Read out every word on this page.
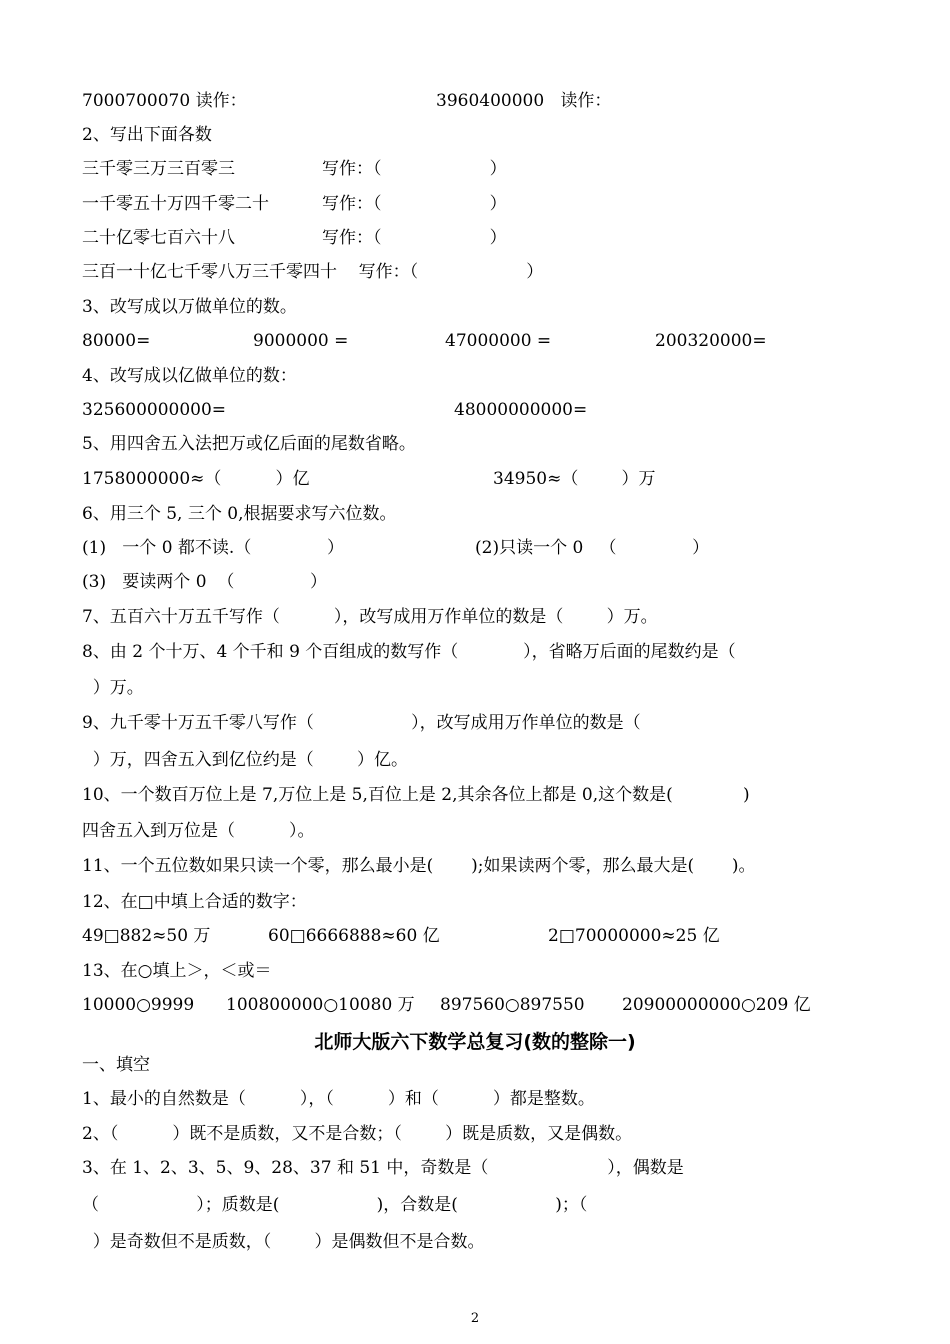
7000700070 读作：	3960400000   读作：
2、写出下面各数
三千零三万三百零三	写作：（                    ）
一千零五十万四千零二十	写作：（                    ）
二十亿零七百六十八	写作：（                    ）
三百一十亿七千零八万三千零四十    写作：（                    ）
3、改写成以万做单位的数。
80000=	9000000 =	47000000 =	200320000=
4、改写成以亿做单位的数：
325600000000=	48000000000=
5、用四舍五入法把万或亿后面的尾数省略。
1758000000≈（          ）亿	34950≈（        ）万
6、用三个 5, 三个 0,根据要求写六位数。
(1)   一个 0 都不读.（              ）	(2)只读一个 0   （              ）
(3)   要读两个 0  （              ）
7、五百六十万五千写作（          ），改写成用万作单位的数是（        ）万。
8、由 2 个十万、4 个千和 9 个百组成的数写作（            ），省略万后面的尾数约是（
）万。
9、九千零十万五千零八写作（                  ），改写成用万作单位的数是（
）万，四舍五入到亿位约是（        ）亿。
10、一个数百万位上是 7,万位上是 5,百位上是 2,其余各位上都是 0,这个数是(             )
四舍五入到万位是（          ）。
11、一个五位数如果只读一个零，那么最小是(       );如果读两个零，那么最大是(       )。
12、在□中填上合适的数字：
49□882≈50 万	60□6666888≈60 亿	2□70000000≈25 亿
13、在○填上＞，＜或＝
10000○9999 100800000○10080 万 897560○897550 20900000000○209 亿
北师大版六下数学总复习(数的整除一)
一、填空
1、最小的自然数是（          ），（          ）和（          ）都是整数。
2、（          ）既不是质数，又不是合数；（        ）既是质数，又是偶数。
3、在 1、2、3、5、9、28、37 和 51 中，奇数是（                      ），偶数是
（                  ）；质数是(                  )，合数是(                  )；（
）是奇数但不是质数，（        ）是偶数但不是合数。
2
